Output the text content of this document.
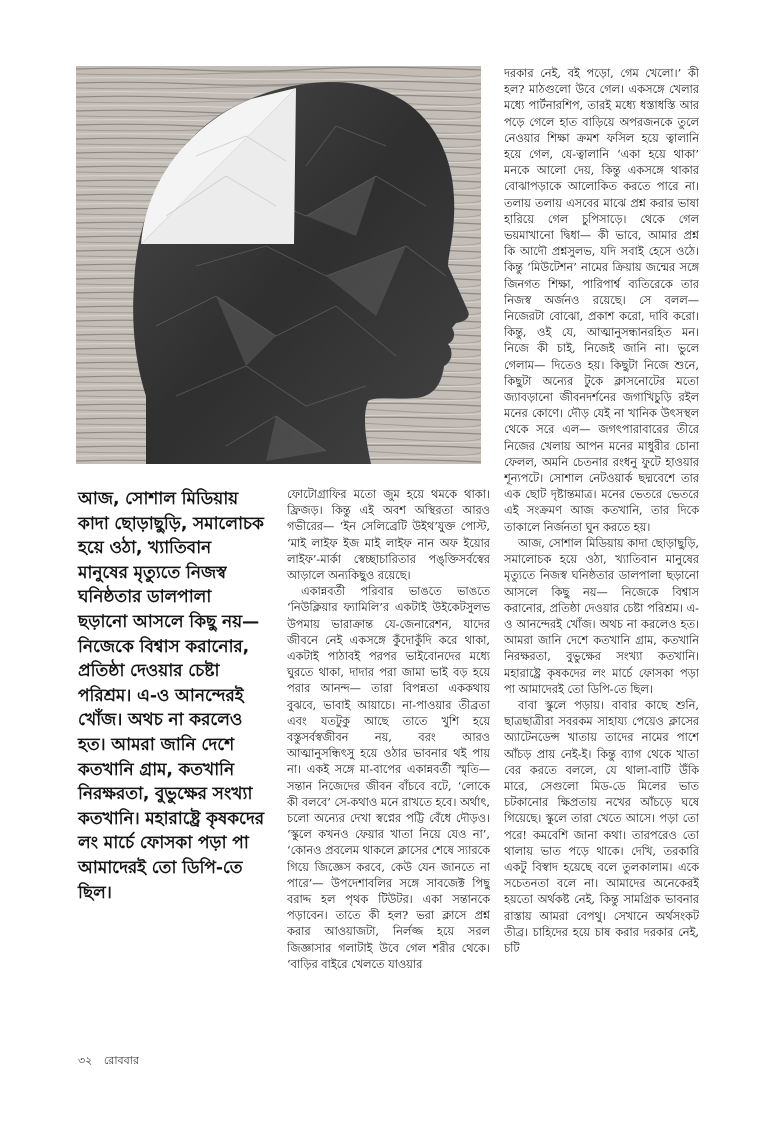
আজ, সোশাল মিডিয়ায় কাদা ছোড়াছুড়ি, সমালোচক হয়ে ওঠা, খ্যাতিবান মানুষের মৃত্যুতে নিজস্ব ঘনিষ্ঠতার ডালপালা ছড়ানো আসলে কিছু নয়— নিজেকে বিশ্বাস করানোর, প্রতিষ্ঠা দেওয়ার চেষ্টা পরিশ্রম। এ-ও আনন্দেরই খোঁজ। অথচ না করলেও হত। আমরা জানি দেশে কতখানি গ্রাম, কতখানি নিরক্ষরতা, বুভুক্ষের সংখ্যা কতখানি। মহারাষ্ট্রে কৃষকদের লং মার্চে ফোসকা পড়া পা আমাদেরই তো ডিপি-তে ছিল।

ফোটোগ্রাফির মতো জুম হয়ে থমকে থাকা। ফ্রিজড়। কিন্তু এই অবশ অস্থিরতা আরও গভীরের— ‘ইন সেলিব্রেটি উইথ’যুক্ত পোস্ট, ‘মাই লাইফ ইজ মাই লাইফ নান অফ ইয়োর লাইফ’-মার্কা স্বেচ্ছাচারিতার পঙ্‌ক্তিসর্বস্বের আড়ালে অন্যকিছুও রয়েছে।

একান্নবর্তী পরিবার ভাঙতে ভাঙতে ‘নিউক্লিয়ার ফ্যামিলি’র একটাই উইকেটসুলভ উপমায় ভারাক্রান্ত যে-জেনারেশন, যাদের জীবনে নেই একসঙ্গে কুঁদোকুঁদি করে থাকা, একটাই পাঠাবই পরপর ভাইবোনদের মধ্যে ঘুরতে থাকা, দাদার পরা জামা ভাই বড় হয়ে পরার আনন্দ— তারা বিপন্নতা এককথায় বুঝবে, ভাবাই আয়াচে। না-পাওয়ার তীব্রতা এবং যতটুকু আছে তাতে খুশি হয়ে বস্তুসর্বস্বজীবন নয়, বরং আরও আত্মানুসন্ধিৎসু হয়ে ওঠার ভাবনার থই পায় না। একই সঙ্গে মা-বাপের একান্নবর্তী স্মৃতি— সন্তান নিজেদের জীবন বাঁচবে বটে, ‘লোকে কী বলবে’ সে-কথাও মনে রাখতে হবে। অর্থাৎ, চলো অন্যের দেখা স্বপ্নের পট্টি বেঁধে দৌড়ও। ‘স্কুলে কখনও ফেয়ার খাতা নিয়ে যেও না’, ‘কোনও প্রবলেম থাকলে ক্লাসের শেষে স্যারকে গিয়ে জিজ্ঞেস করবে, কেউ যেন জানতে না পারে’— উপদেশাবলির সঙ্গে সাবজেক্ট পিছু বরাদ্দ হল পৃথক টিউটর। একা সন্তানকে পড়াবেন। তাতে কী হল? ভরা ক্লাসে প্রশ্ন করার আওয়াজটা, নির্লজ্জ হয়ে সরল জিজ্ঞাসার গলাটাই উবে গেল শরীর থেকে। ‘বাড়ির বাইরে খেলতে যাওয়ার

দরকার নেই, বই পড়ো, গেম খেলো।’ কী হল? মাঠগুলো উবে গেল। একসঙ্গে খেলার মধ্যে পার্টনারশিপ, তারই মধ্যে ধস্তাধস্তি আর পড়ে গেলে হাত বাড়িয়ে অপরজনকে তুলে নেওয়ার শিক্ষা ক্রমশ ফসিল হয়ে ত্বালানি হয়ে গেল, যে-ত্বালানি ‘একা হয়ে থাকা’ মনকে আলো দেয়, কিন্তু একসঙ্গে থাকার বোঝাপড়াকে আলোকিত করতে পারে না। তলায় তলায় এসবের মাঝে প্রশ্ন করার ভাষা হারিয়ে গেল চুপিসাড়ে। থেকে গেল ভয়মাখানো দ্বিধা— কী ভাবে, আমার প্রশ্ন কি আদৌ প্রশ্নসুলভ, যদি সবাই হেসে ওঠে। কিন্তু ‘মিউটেশন’ নামের ক্রিয়ায় জন্মের সঙ্গে জিনগত শিক্ষা, পারিপার্শ্ব ব্যতিরেকে তার নিজস্ব অর্জনও রয়েছে। সে বলল— নিজেরটা বোঝো, প্রকাশ করো, দাবি করো। কিন্তু, ওই যে, আত্মানুসন্ধানরহিত মন। নিজে কী চাই, নিজেই জানি না। ভুলে গেলাম— দিতেও হয়। কিছুটা নিজে শুনে, কিছুটা অন্যের টুকে ক্লাসনোটের মতো জ্যাবড়ানো জীবনদর্শনের জগাখিচুড়ি রইল মনের কোণে। দৌড় যেই না খানিক উৎসস্থল থেকে সরে এল— জগৎপারাবারের তীরে নিজের খেলায় আপন মনের মাধুরীর চোনা ফেলল, অমনি চেতনার রংধনু ফুটে হাওয়ার শূন্যপটে। সোশাল নেটওয়ার্ক ছদ্মবেশে তার এক ছোট দৃষ্টান্তমাত্র। মনের ভেতরে ভেতরে এই সংক্রমণ আজ কতখানি, তার দিকে তাকালে নির্জনতা ঘুন করতে হয়।

আজ, সোশাল মিডিয়ায় কাদা ছোড়াছুড়ি, সমালোচক হয়ে ওঠা, খ্যাতিবান মানুষের মৃত্যুতে নিজস্ব ঘনিষ্ঠতার ডালপালা ছড়ানো আসলে কিছু নয়— নিজেকে বিশ্বাস করানোর, প্রতিষ্ঠা দেওয়ার চেষ্টা পরিশ্রম। এ-ও আনন্দেরই খোঁজ। অথচ না করলেও হত। আমরা জানি দেশে কতখানি গ্রাম, কতখানি নিরক্ষরতা, বুভুক্ষের সংখ্যা কতখানি। মহারাষ্ট্রে কৃষকদের লং মার্চে ফোসকা পড়া পা আমাদেরই তো ডিপি-তে ছিল।

বাবা স্কুলে পড়ায়। বাবার কাছে শুনি, ছাত্রছাত্রীরা সবরকম সাহায্য পেয়েও ক্লাসের অ্যাটেনডেন্স খাতায় তাদের নামের পাশে আঁচড় প্রায় নেই-ই। কিন্তু ব্যাগ থেকে খাতা বের করতে বললে, যে থালা-বাটি উঁকি মারে, সেগুলো মিড-ডে মিলের ভাত চটকানোর ক্ষিপ্রতায় নখের আঁচড়ে ঘষে গিয়েছে। স্কুলে তারা খেতে আসে। পড়া তো পরে! কমবেশি জানা কথা। তারপরেও তো থালায় ভাত পড়ে থাকে। দেখি, তরকারি একটু বিস্বাদ হয়েছে বলে তুলকালাম। একে সচেতনতা বলে না। আমাদের অনেকেরই হয়তো অর্থকষ্ট নেই, কিন্তু সামগ্রিক ভাবনার রাস্তায় আমরা বেপথু। সেখানে অর্থসংকট তীব্র। চাহিদের হয়ে চাষ করার দরকার নেই, চটি

৩২ রোববার
